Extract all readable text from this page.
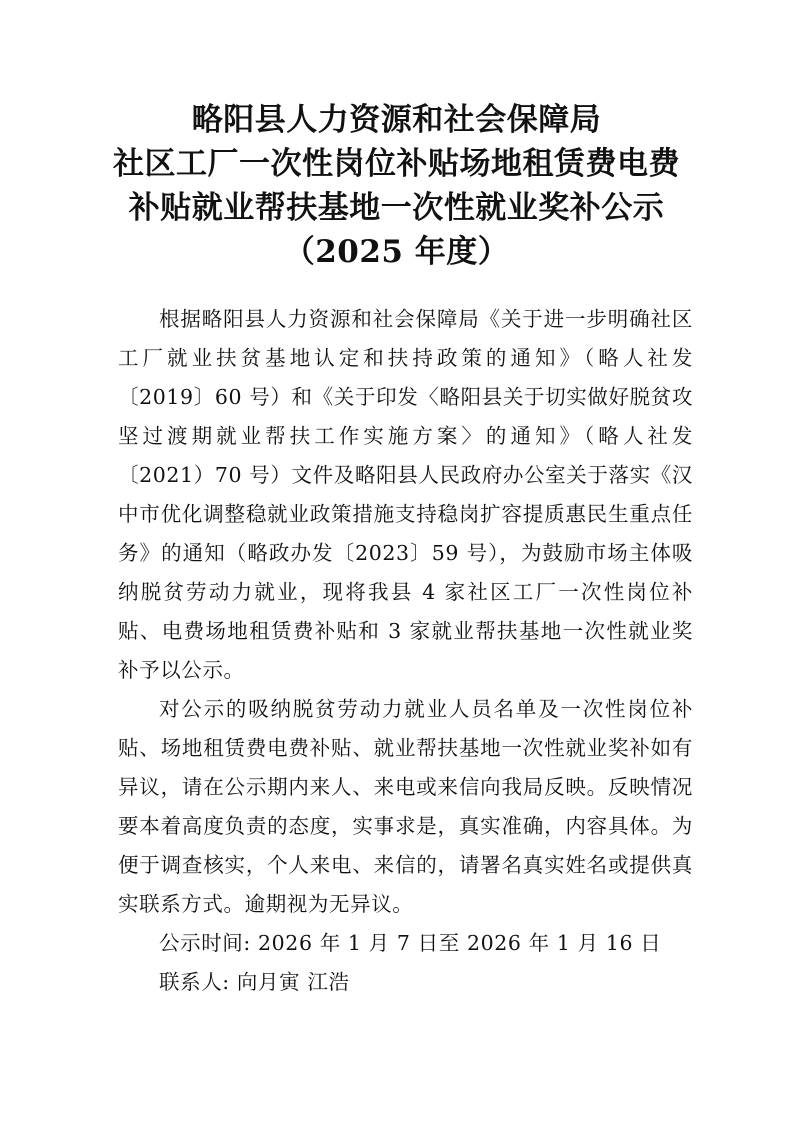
略阳县人力资源和社会保障局
社区工厂一次性岗位补贴场地租赁费电费
补贴就业帮扶基地一次性就业奖补公示
（2025 年度）

根据略阳县人力资源和社会保障局《关于进一步明确社区工厂就业扶贫基地认定和扶持政策的通知》（略人社发〔2019〕60 号）和《关于印发〈略阳县关于切实做好脱贫攻坚过渡期就业帮扶工作实施方案〉的通知》（略人社发〔2021）70 号）文件及略阳县人民政府办公室关于落实《汉中市优化调整稳就业政策措施支持稳岗扩容提质惠民生重点任务》的通知（略政办发〔2023〕59 号），为鼓励市场主体吸纳脱贫劳动力就业，现将我县 4 家社区工厂一次性岗位补贴、电费场地租赁费补贴和 3 家就业帮扶基地一次性就业奖补予以公示。

对公示的吸纳脱贫劳动力就业人员名单及一次性岗位补贴、场地租赁费电费补贴、就业帮扶基地一次性就业奖补如有异议，请在公示期内来人、来电或来信向我局反映。反映情况要本着高度负责的态度，实事求是，真实准确，内容具体。为便于调查核实，个人来电、来信的，请署名真实姓名或提供真实联系方式。逾期视为无异议。

公示时间: 2026 年 1 月 7 日至 2026 年 1 月 16 日

联系人: 向月寅 江浩
